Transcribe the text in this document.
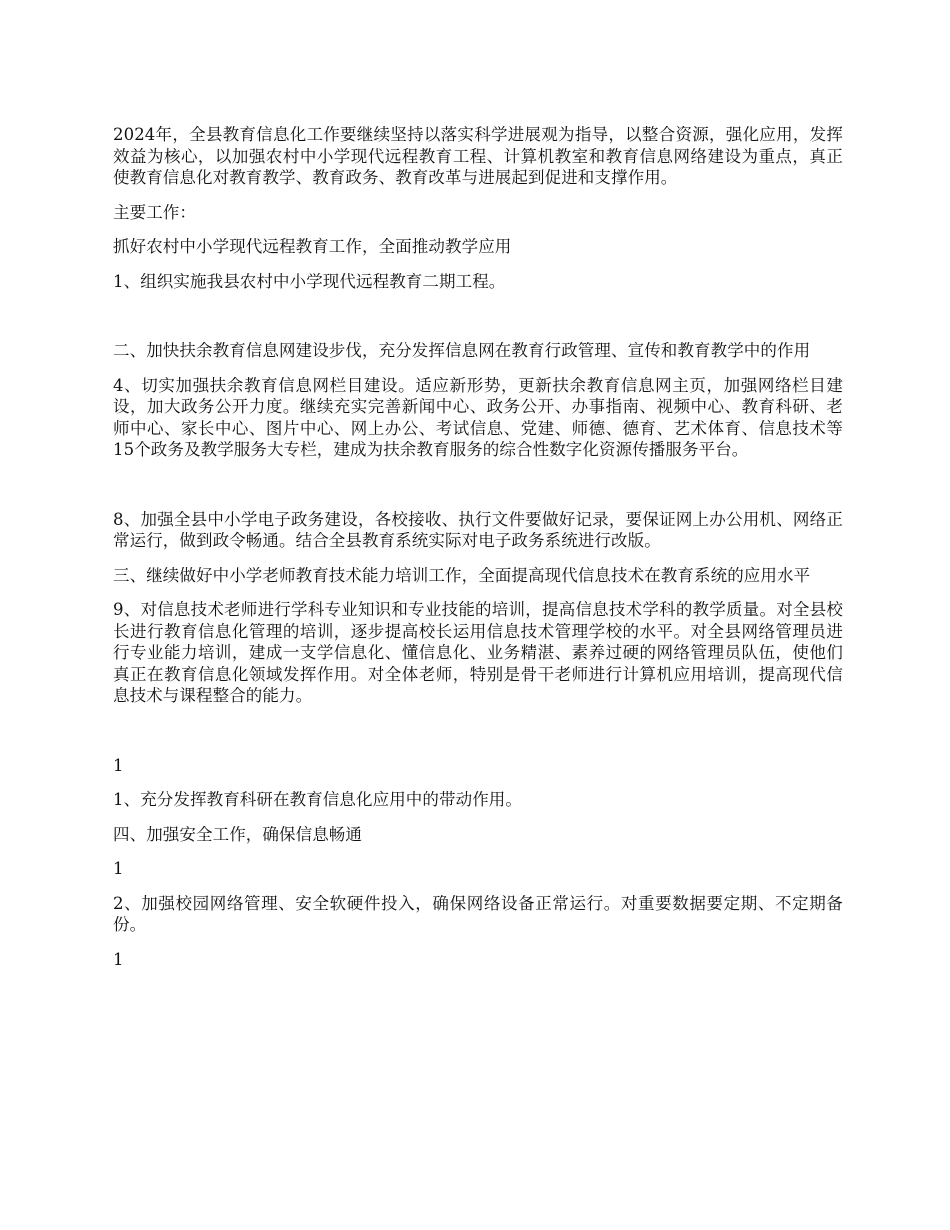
2024年，全县教育信息化工作要继续坚持以落实科学进展观为指导，以整合资源，强化应用，发挥效益为核心，以加强农村中小学现代远程教育工程、计算机教室和教育信息网络建设为重点，真正使教育信息化对教育教学、教育政务、教育改革与进展起到促进和支撑作用。

主要工作：

抓好农村中小学现代远程教育工作，全面推动教学应用

1、组织实施我县农村中小学现代远程教育二期工程。

二、加快扶余教育信息网建设步伐，充分发挥信息网在教育行政管理、宣传和教育教学中的作用

4、切实加强扶余教育信息网栏目建设。适应新形势，更新扶余教育信息网主页，加强网络栏目建设，加大政务公开力度。继续充实完善新闻中心、政务公开、办事指南、视频中心、教育科研、老师中心、家长中心、图片中心、网上办公、考试信息、党建、师德、德育、艺术体育、信息技术等15个政务及教学服务大专栏，建成为扶余教育服务的综合性数字化资源传播服务平台。

8、加强全县中小学电子政务建设，各校接收、执行文件要做好记录，要保证网上办公用机、网络正常运行，做到政令畅通。结合全县教育系统实际对电子政务系统进行改版。

三、继续做好中小学老师教育技术能力培训工作，全面提高现代信息技术在教育系统的应用水平

9、对信息技术老师进行学科专业知识和专业技能的培训，提高信息技术学科的教学质量。对全县校长进行教育信息化管理的培训，逐步提高校长运用信息技术管理学校的水平。对全县网络管理员进行专业能力培训，建成一支学信息化、懂信息化、业务精湛、素养过硬的网络管理员队伍，使他们真正在教育信息化领域发挥作用。对全体老师，特别是骨干老师进行计算机应用培训，提高现代信息技术与课程整合的能力。

1

1、充分发挥教育科研在教育信息化应用中的带动作用。

四、加强安全工作，确保信息畅通

1

2、加强校园网络管理、安全软硬件投入，确保网络设备正常运行。对重要数据要定期、不定期备份。

1
